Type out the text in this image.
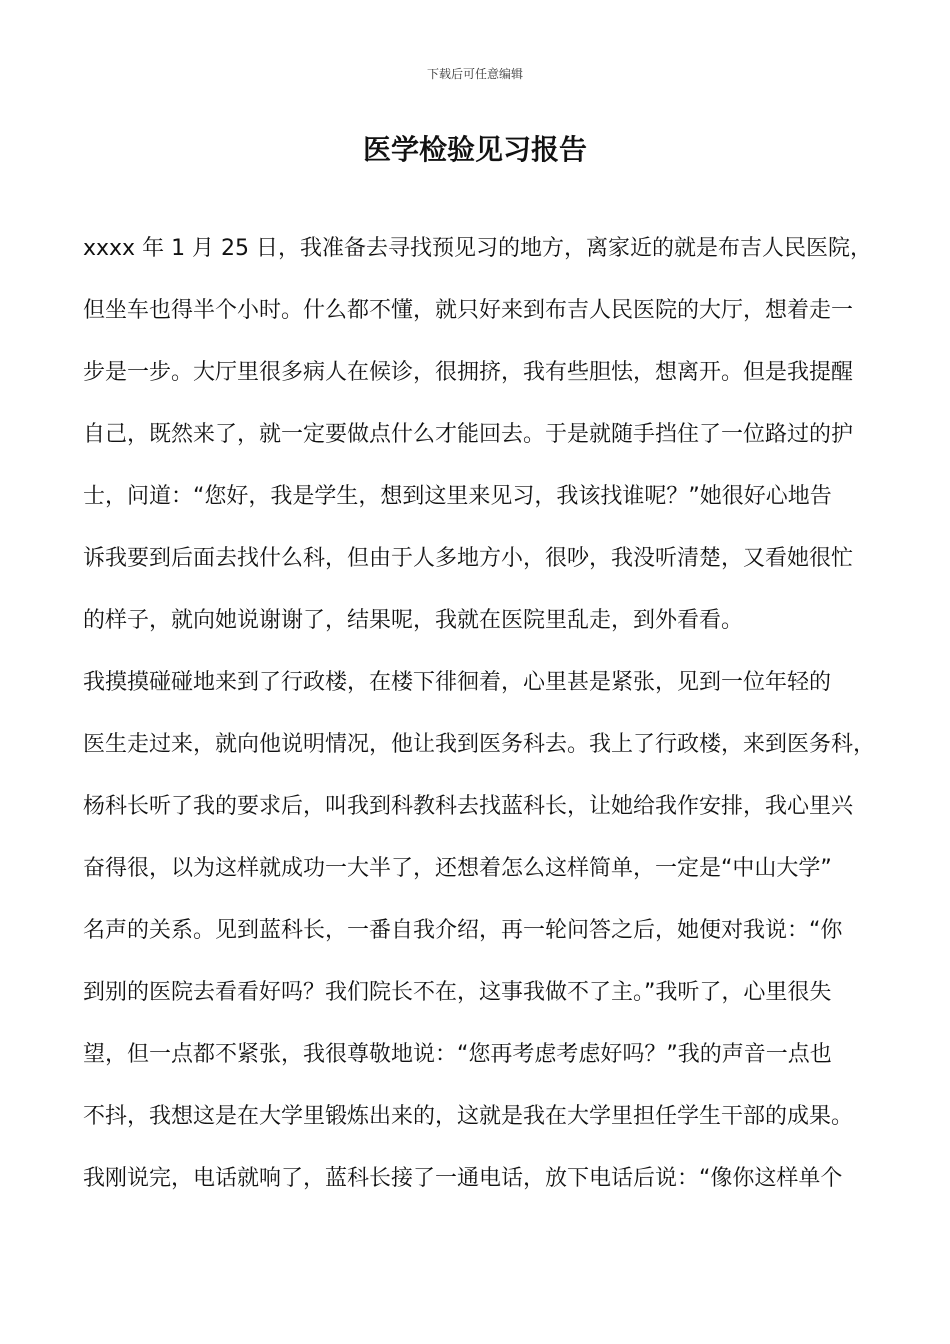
下载后可任意编辑
医学检验见习报告
xxxx 年 1 月 25 日，我准备去寻找预见习的地方，离家近的就是布吉人民医院，
但坐车也得半个小时。什么都不懂，就只好来到布吉人民医院的大厅，想着走一
步是一步。大厅里很多病人在候诊，很拥挤，我有些胆怯，想离开。但是我提醒
自己，既然来了，就一定要做点什么才能回去。于是就随手挡住了一位路过的护
士，问道：“您好，我是学生，想到这里来见习，我该找谁呢？”她很好心地告
诉我要到后面去找什么科，但由于人多地方小，很吵，我没听清楚，又看她很忙
的样子，就向她说谢谢了，结果呢，我就在医院里乱走，到外看看。
我摸摸碰碰地来到了行政楼，在楼下徘徊着，心里甚是紧张，见到一位年轻的
医生走过来，就向他说明情况，他让我到医务科去。我上了行政楼，来到医务科，
杨科长听了我的要求后，叫我到科教科去找蓝科长，让她给我作安排，我心里兴
奋得很，以为这样就成功一大半了，还想着怎么这样简单，一定是“中山大学”
名声的关系。见到蓝科长，一番自我介绍，再一轮问答之后，她便对我说：“你
到别的医院去看看好吗？我们院长不在，这事我做不了主。”我听了，心里很失
望，但一点都不紧张，我很尊敬地说：“您再考虑考虑好吗？”我的声音一点也
不抖，我想这是在大学里锻炼出来的，这就是我在大学里担任学生干部的成果。
我刚说完，电话就响了，蓝科长接了一通电话，放下电话后说：“像你这样单个
